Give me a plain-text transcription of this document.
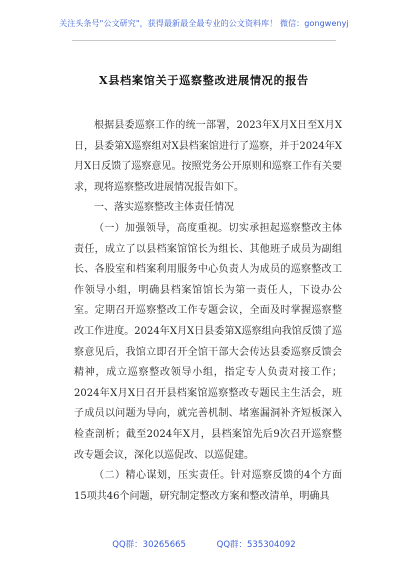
关注头条号"公文研究"，获得最新最全最专业的公文资料库！ 微信：gongwenyj
X县档案馆关于巡察整改进展情况的报告

根据县委巡察工作的统一部署，2023年X月X日至X月X日，县委第X巡察组对X县档案馆进行了巡察，并于2024年X月X日反馈了巡察意见。按照党务公开原则和巡察工作有关要求，现将巡察整改进展情况报告如下。

一、落实巡察整改主体责任情况

（一）加强领导，高度重视。切实承担起巡察整改主体责任，成立了以县档案馆馆长为组长、其他班子成员为副组长、各股室和档案利用服务中心负责人为成员的巡察整改工作领导小组，明确县档案馆馆长为第一责任人，下设办公室。定期召开巡察整改工作专题会议，全面及时掌握巡察整改工作进度。2024年X月X日县委第X巡察组向我馆反馈了巡察意见后，我馆立即召开全馆干部大会传达县委巡察反馈会精神，成立巡察整改领导小组，指定专人负责对接工作；2024年X月X日召开县档案馆巡察整改专题民主生活会，班子成员以问题为导向，就完善机制、堵塞漏洞补齐短板深入检查剖析；截至2024年X月，县档案馆先后9次召开巡察整改专题会议，深化以巡促改、以巡促建。

（二）精心谋划，压实责任。针对巡察反馈的4个方面15项共46个问题，研究制定整改方案和整改清单，明确具

QQ群：30265665	QQ群：535304092
